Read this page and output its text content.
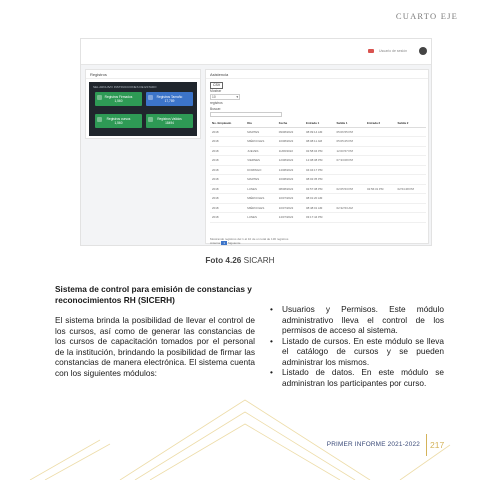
CUARTO EJE
Usuario de sesión
Registros
SEL ARCHIVO INSTRUCCIONES DE ESTADO
Registros Firmados
1,560
Registros Tamaño
17,789
Registros cursos
1,560
Registros Validos
18494
Asistencia
CSV
Mostrar
10	▾
registros
Buscar:
No. Empleado	Día	Fecha	Entrada 1	Salida 1	Entrada 2	Salida 2
2018	MARTES	09/08/2022	08:09:14 AM	05:06:55 PM		
2018	MIÉRCOLES	10/08/2022	08:08:11 AM	05:05:25 PM		
2018	JUEVES	11/08/2022	02:58:04 PM	12:00:57 PM		
2018	VIERNES	12/08/2022	12:08:38 PM	07:33:08 PM		
2018	DOMINGO	14/08/2022	04:04:17 PM			
2018	MARTES	16/08/2022	08:02:35 PM			
2018	LUNES	08/08/2022	02:57:38 PM	02:05:53 PM	02:56:31 PM	02:54:48 PM
2018	MIÉRCOLES	10/07/2022	08:01:20 AM			
2018	MIÉRCOLES	10/07/2022	08:48:01 AM	02:32:53 AM		
2018	LUNES	14/07/2022	03:17:44 PM			
Mostrando registros del 1 al 10 de un total de 130 registros
Anterior 1 Siguiente
Foto 4.26 SICARH
Sistema de control para emisión de constancias y reconocimientos RH (SICERH)

El sistema brinda la posibilidad de llevar el control de los cursos, así como de generar las constancias de los cursos de capacitación tomados por el personal de la institución, brindando la posibilidad de firmar las constancias de manera electrónica. El sistema cuenta con los siguientes módulos:

• Usuarios y Permisos. Este módulo administrativo lleva el control de los permisos de acceso al sistema.
• Listado de cursos. En este módulo se lleva el catálogo de cursos y se pueden administrar los mismos.
• Listado de datos. En este módulo se administran los participantes por curso.
PRIMER INFORME 2021-2022 217
